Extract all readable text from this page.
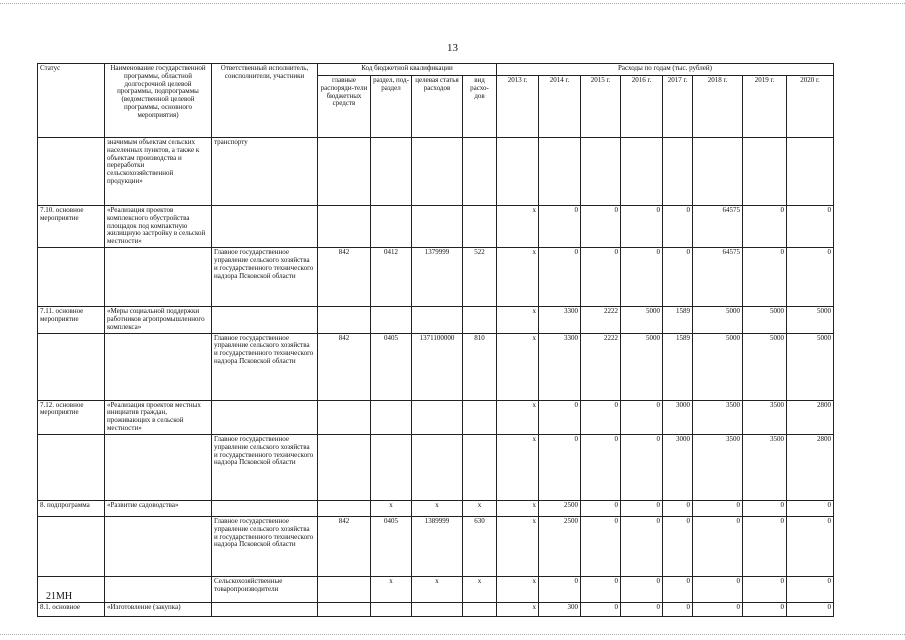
13
Статус	Наименование государственной программы, областной долгосрочной целевой программы, подпрограммы (ведомственной целевой программы, основного мероприятия)	Ответственный исполнитель, соисполнители, участники	Код бюджетной квалификации				Расходы по годам (тыс. рублей)							
			главные распоряди-тели бюджетных средств	раздел, под-раздел	целевая статья расходов	вид расхо-дов	2013 г.	2014 г.	2015 г.	2016 г.	2017 г.	2018 г.	2019 г.	2020 г.
	значимым объектам сельских населенных пунктов, а также к объектам производства и переработки сельскохозяйственной продукции»	транспорту												
7.10. основное мероприятие	«Реализация проектов комплексного обустройства площадок под компактную жилищную застройку в сельской местности»						x	0	0	0	0	64575	0	0
		Главное государственное управление сельского хозяйства и государственного технического надзора Псковской области	842	0412	1379999	522	x	0	0	0	0	64575	0	0
7.11. основное мероприятие	«Меры социальной поддержки работников агропромышленного комплекса»						x	3300	2222	5000	1589	5000	5000	5000
		Главное государственное управление сельского хозяйства и государственного технического надзора Псковской области	842	0405	1371100000	810	x	3300	2222	5000	1589	5000	5000	5000
7.12. основное мероприятие	«Реализация проектов местных инициатив граждан, проживающих в сельской местности»						x	0	0	0	3000	3500	3500	2800
		Главное государственное управление сельского хозяйства и государственного технического надзора Псковской области					x	0	0	0	3000	3500	3500	2800
8. подпрограмма	«Развитие садоводства»			x	x	x	x	2500	0	0	0	0	0	0
		Главное государственное управление сельского хозяйства и государственного технического надзора Псковской области	842	0405	1389999	630	x	2500	0	0	0	0	0	0
		Сельскохозяйственные товаропроизводители		x	x	x	x	0	0	0	0	0	0	0
8.1. основное	«Изготовление (закупка)						x	300	0	0	0	0	0	0
21МН
